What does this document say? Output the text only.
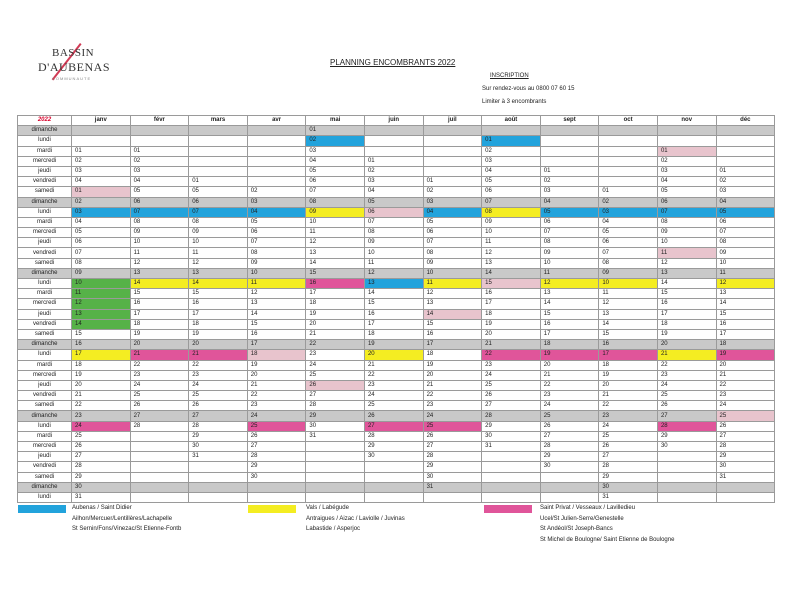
BASSIN
D'AUBENAS
COMMUNAUTE
PLANNING ENCOMBRANTS 2022
INSCRIPTION
Sur rendez-vous au 0800 07 60 15
Limiter à 3 encombrants
2022	janv	févr	mars	avr	mai	juin	juil	août	sept	oct	nov	déc
dimanche					01							
lundi					02			01				
mardi	01	01			03			02			01	
mercredi	02	02			04	01		03			02	
jeudi	03	03			05	02		04	01		03	01
vendredi	04	04	01		06	03	01	05	02		04	02
samedi	01	05	05	02	07	04	02	06	03	01	05	03
dimanche	02	06	06	03	08	05	03	07	04	02	06	04
lundi	03	07	07	04	09	06	04	08	05	03	07	05
mardi	04	08	08	05	10	07	05	09	06	04	08	06
mercredi	05	09	09	06	11	08	06	10	07	05	09	07
jeudi	06	10	10	07	12	09	07	11	08	06	10	08
vendredi	07	11	11	08	13	10	08	12	09	07	11	09
samedi	08	12	12	09	14	11	09	13	10	08	12	10
dimanche	09	13	13	10	15	12	10	14	11	09	13	11
lundi	10	14	14	11	16	13	11	15	12	10	14	12
mardi	11	15	15	12	17	14	12	16	13	11	15	13
mercredi	12	16	16	13	18	15	13	17	14	12	16	14
jeudi	13	17	17	14	19	16	14	18	15	13	17	15
vendredi	14	18	18	15	20	17	15	19	16	14	18	16
samedi	15	19	19	16	21	18	16	20	17	15	19	17
dimanche	16	20	20	17	22	19	17	21	18	16	20	18
lundi	17	21	21	18	23	20	18	22	19	17	21	19
mardi	18	22	22	19	24	21	19	23	20	18	22	20
mercredi	19	23	23	20	25	22	20	24	21	19	23	21
jeudi	20	24	24	21	26	23	21	25	22	20	24	22
vendredi	21	25	25	22	27	24	22	26	23	21	25	23
samedi	22	26	26	23	28	25	23	27	24	22	26	24
dimanche	23	27	27	24	29	26	24	28	25	23	27	25
lundi	24	28	28	25	30	27	25	29	26	24	28	26
mardi	25		29	26	31	28	26	30	27	25	29	27
mercredi	26		30	27		29	27	31	28	26	30	28
jeudi	27		31	28		30	28		29	27		29
vendredi	28			29			29		30	28		30
samedi	29			30			30			29		31
dimanche	30						31			30		
lundi	31									31		
Aubenas / Saint Didier
Ailhon/Mercuer/Lentillères/Lachapelle
St Sernin/Fons/Vinezac/St Etienne-Fontb
Vals / Labégude
Antraigues / Aizac / Laviolle / Juvinas
Labastide / Asperjoc
Saint Privat / Vesseaux / Lavilledieu
Ucel/St Julien-Serre/Genestelle
St Andéol/St Joseph-Bancs
St Michel de Boulogne/ Saint Etienne de Boulogne
